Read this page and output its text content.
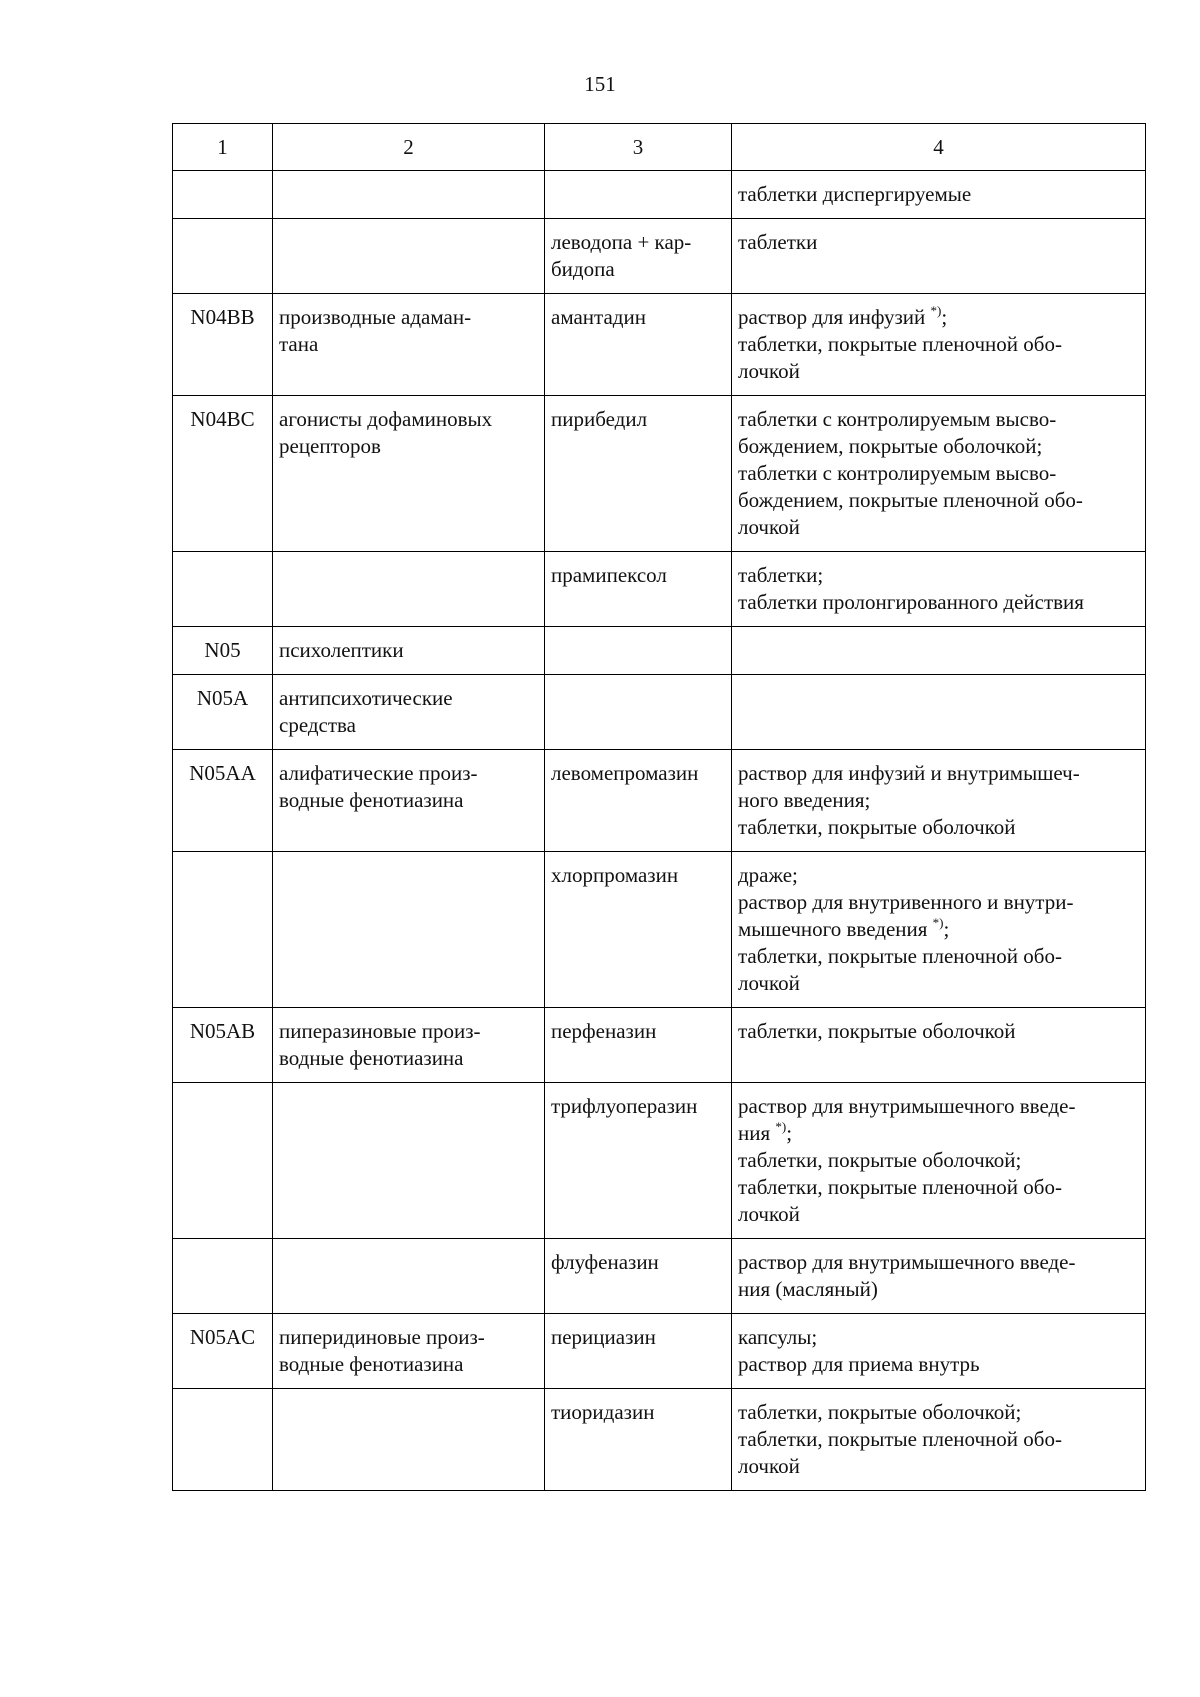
151
1	2	3	4

			таблетки диспергируемые

		леводопа + кар-
бидопа	таблетки

N04BB	производные адаман-
тана	амантадин	раствор для инфузий *);
таблетки, покрытые пленочной обо-
лочкой

N04BC	агонисты дофаминовых
рецепторов	пирибедил	таблетки с контролируемым высво-
бождением, покрытые оболочкой;
таблетки с контролируемым высво-
бождением, покрытые пленочной обо-
лочкой

		прамипексол	таблетки;
таблетки пролонгированного действия

N05	психолептики		

N05A	антипсихотические
средства		

N05AA	алифатические произ-
водные фенотиазина	левомепромазин	раствор для инфузий и внутримышеч-
ного введения;
таблетки, покрытые оболочкой

		хлорпромазин	драже;
раствор для внутривенного и внутри-
мышечного введения *);
таблетки, покрытые пленочной обо-
лочкой

N05AB	пиперазиновые произ-
водные фенотиазина	перфеназин	таблетки, покрытые оболочкой

		трифлуоперазин	раствор для внутримышечного введе-
ния *);
таблетки, покрытые оболочкой;
таблетки, покрытые пленочной обо-
лочкой

		флуфеназин	раствор для внутримышечного введе-
ния (масляный)

N05AC	пиперидиновые произ-
водные фенотиазина	перициазин	капсулы;
раствор для приема внутрь

		тиоридазин	таблетки, покрытые оболочкой;
таблетки, покрытые пленочной обо-
лочкой
